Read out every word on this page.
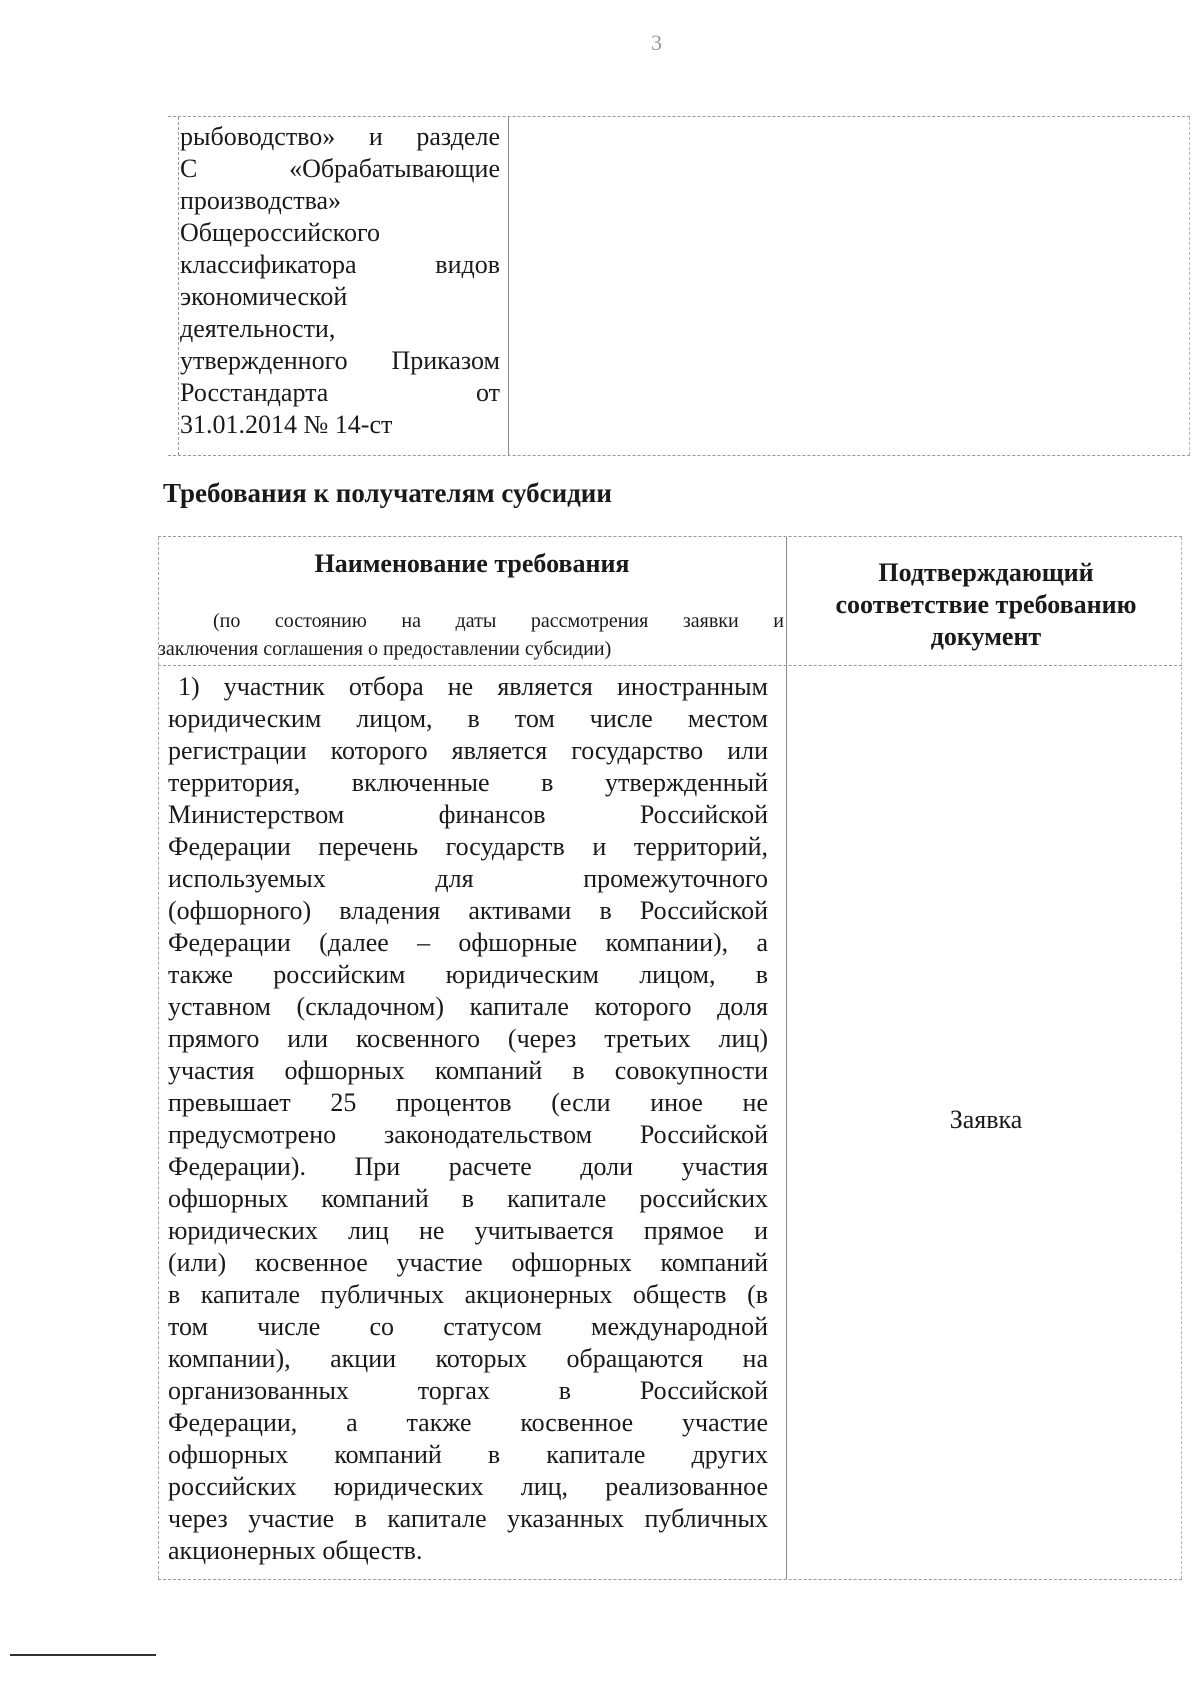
3
рыбоводство» и разделе
С «Обрабатывающие
производства»
Общероссийского
классификатора видов
экономической
деятельности,
утвержденного Приказом
Росстандарта от
31.01.2014 № 14-ст
Требования к получателям субсидии
Наименование требования
(по состоянию на даты рассмотрения заявки и
заключения соглашения о предоставлении субсидии)
Подтверждающий
соответствие требованию
документ
1) участник отбора не является иностранным
юридическим лицом, в том числе местом
регистрации которого является государство или
территория, включенные в утвержденный
Министерством финансов Российской
Федерации перечень государств и территорий,
используемых для промежуточного
(офшорного) владения активами в Российской
Федерации (далее – офшорные компании), а
также российским юридическим лицом, в
уставном (складочном) капитале которого доля
прямого или косвенного (через третьих лиц)
участия офшорных компаний в совокупности
превышает 25 процентов (если иное не
предусмотрено законодательством Российской
Федерации). При расчете доли участия
офшорных компаний в капитале российских
юридических лиц не учитывается прямое и
(или) косвенное участие офшорных компаний
в капитале публичных акционерных обществ (в
том числе со статусом международной
компании), акции которых обращаются на
организованных торгах в Российской
Федерации, а также косвенное участие
офшорных компаний в капитале других
российских юридических лиц, реализованное
через участие в капитале указанных публичных
акционерных обществ.
Заявка
